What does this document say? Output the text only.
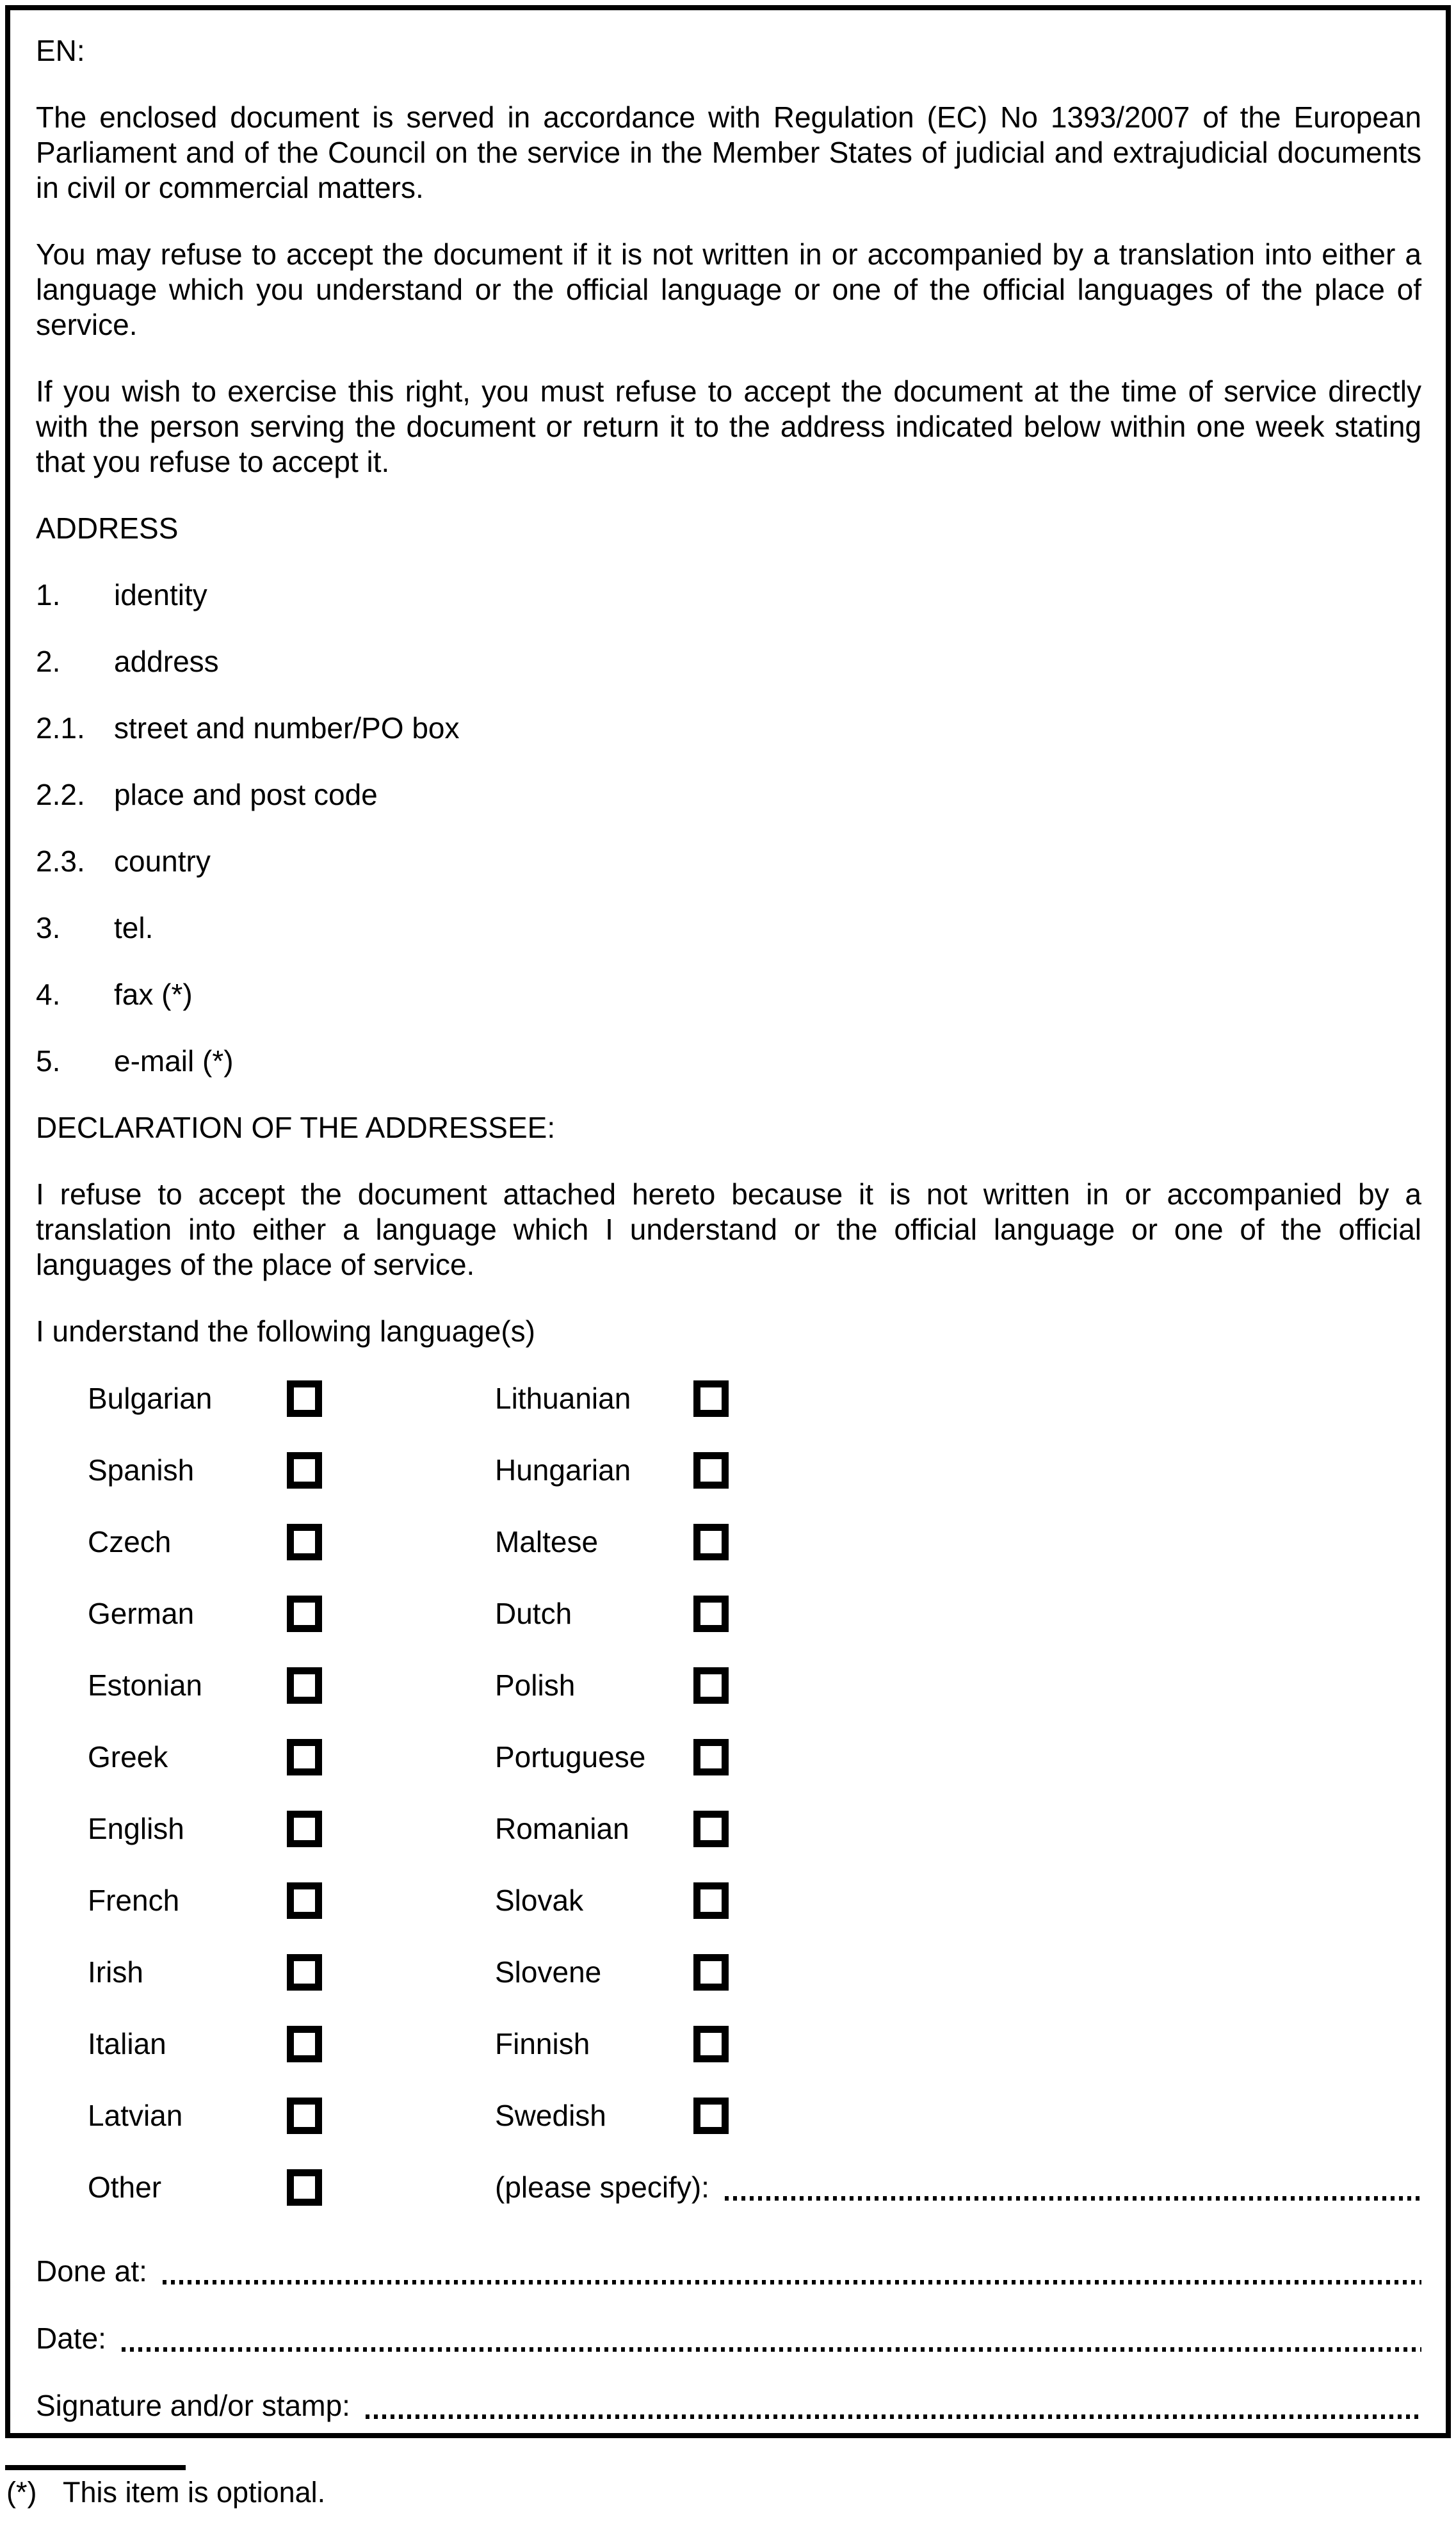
EN:

The enclosed document is served in accordance with Regulation (EC) No 1393/2007 of the European Parliament and of the Council on the service in the Member States of judicial and extrajudicial documents in civil or commercial matters.

You may refuse to accept the document if it is not written in or accompanied by a translation into either a language which you understand or the official language or one of the official languages of the place of service.

If you wish to exercise this right, you must refuse to accept the document at the time of service directly with the person serving the document or return it to the address indicated below within one week stating that you refuse to accept it.

ADDRESS
1.	identity
2.	address
2.1. street and number/PO box
2.2. place and post code
2.3. country
3.	tel.
4.	fax (*)
5.	e-mail (*)
DECLARATION OF THE ADDRESSEE:

I refuse to accept the document attached hereto because it is not written in or accompanied by a translation into either a language which I understand or the official language or one of the official languages of the place of service.

I understand the following language(s)
Bulgarian	Lithuanian
Spanish	Hungarian
Czech	Maltese
German	Dutch
Estonian	Polish
Greek	Portuguese
English	Romanian
French	Slovak
Irish	Slovene
Italian	Finnish
Latvian	Swedish
Other	(please specify):
Done at:
Date:
Signature and/or stamp:
(*) This item is optional.
